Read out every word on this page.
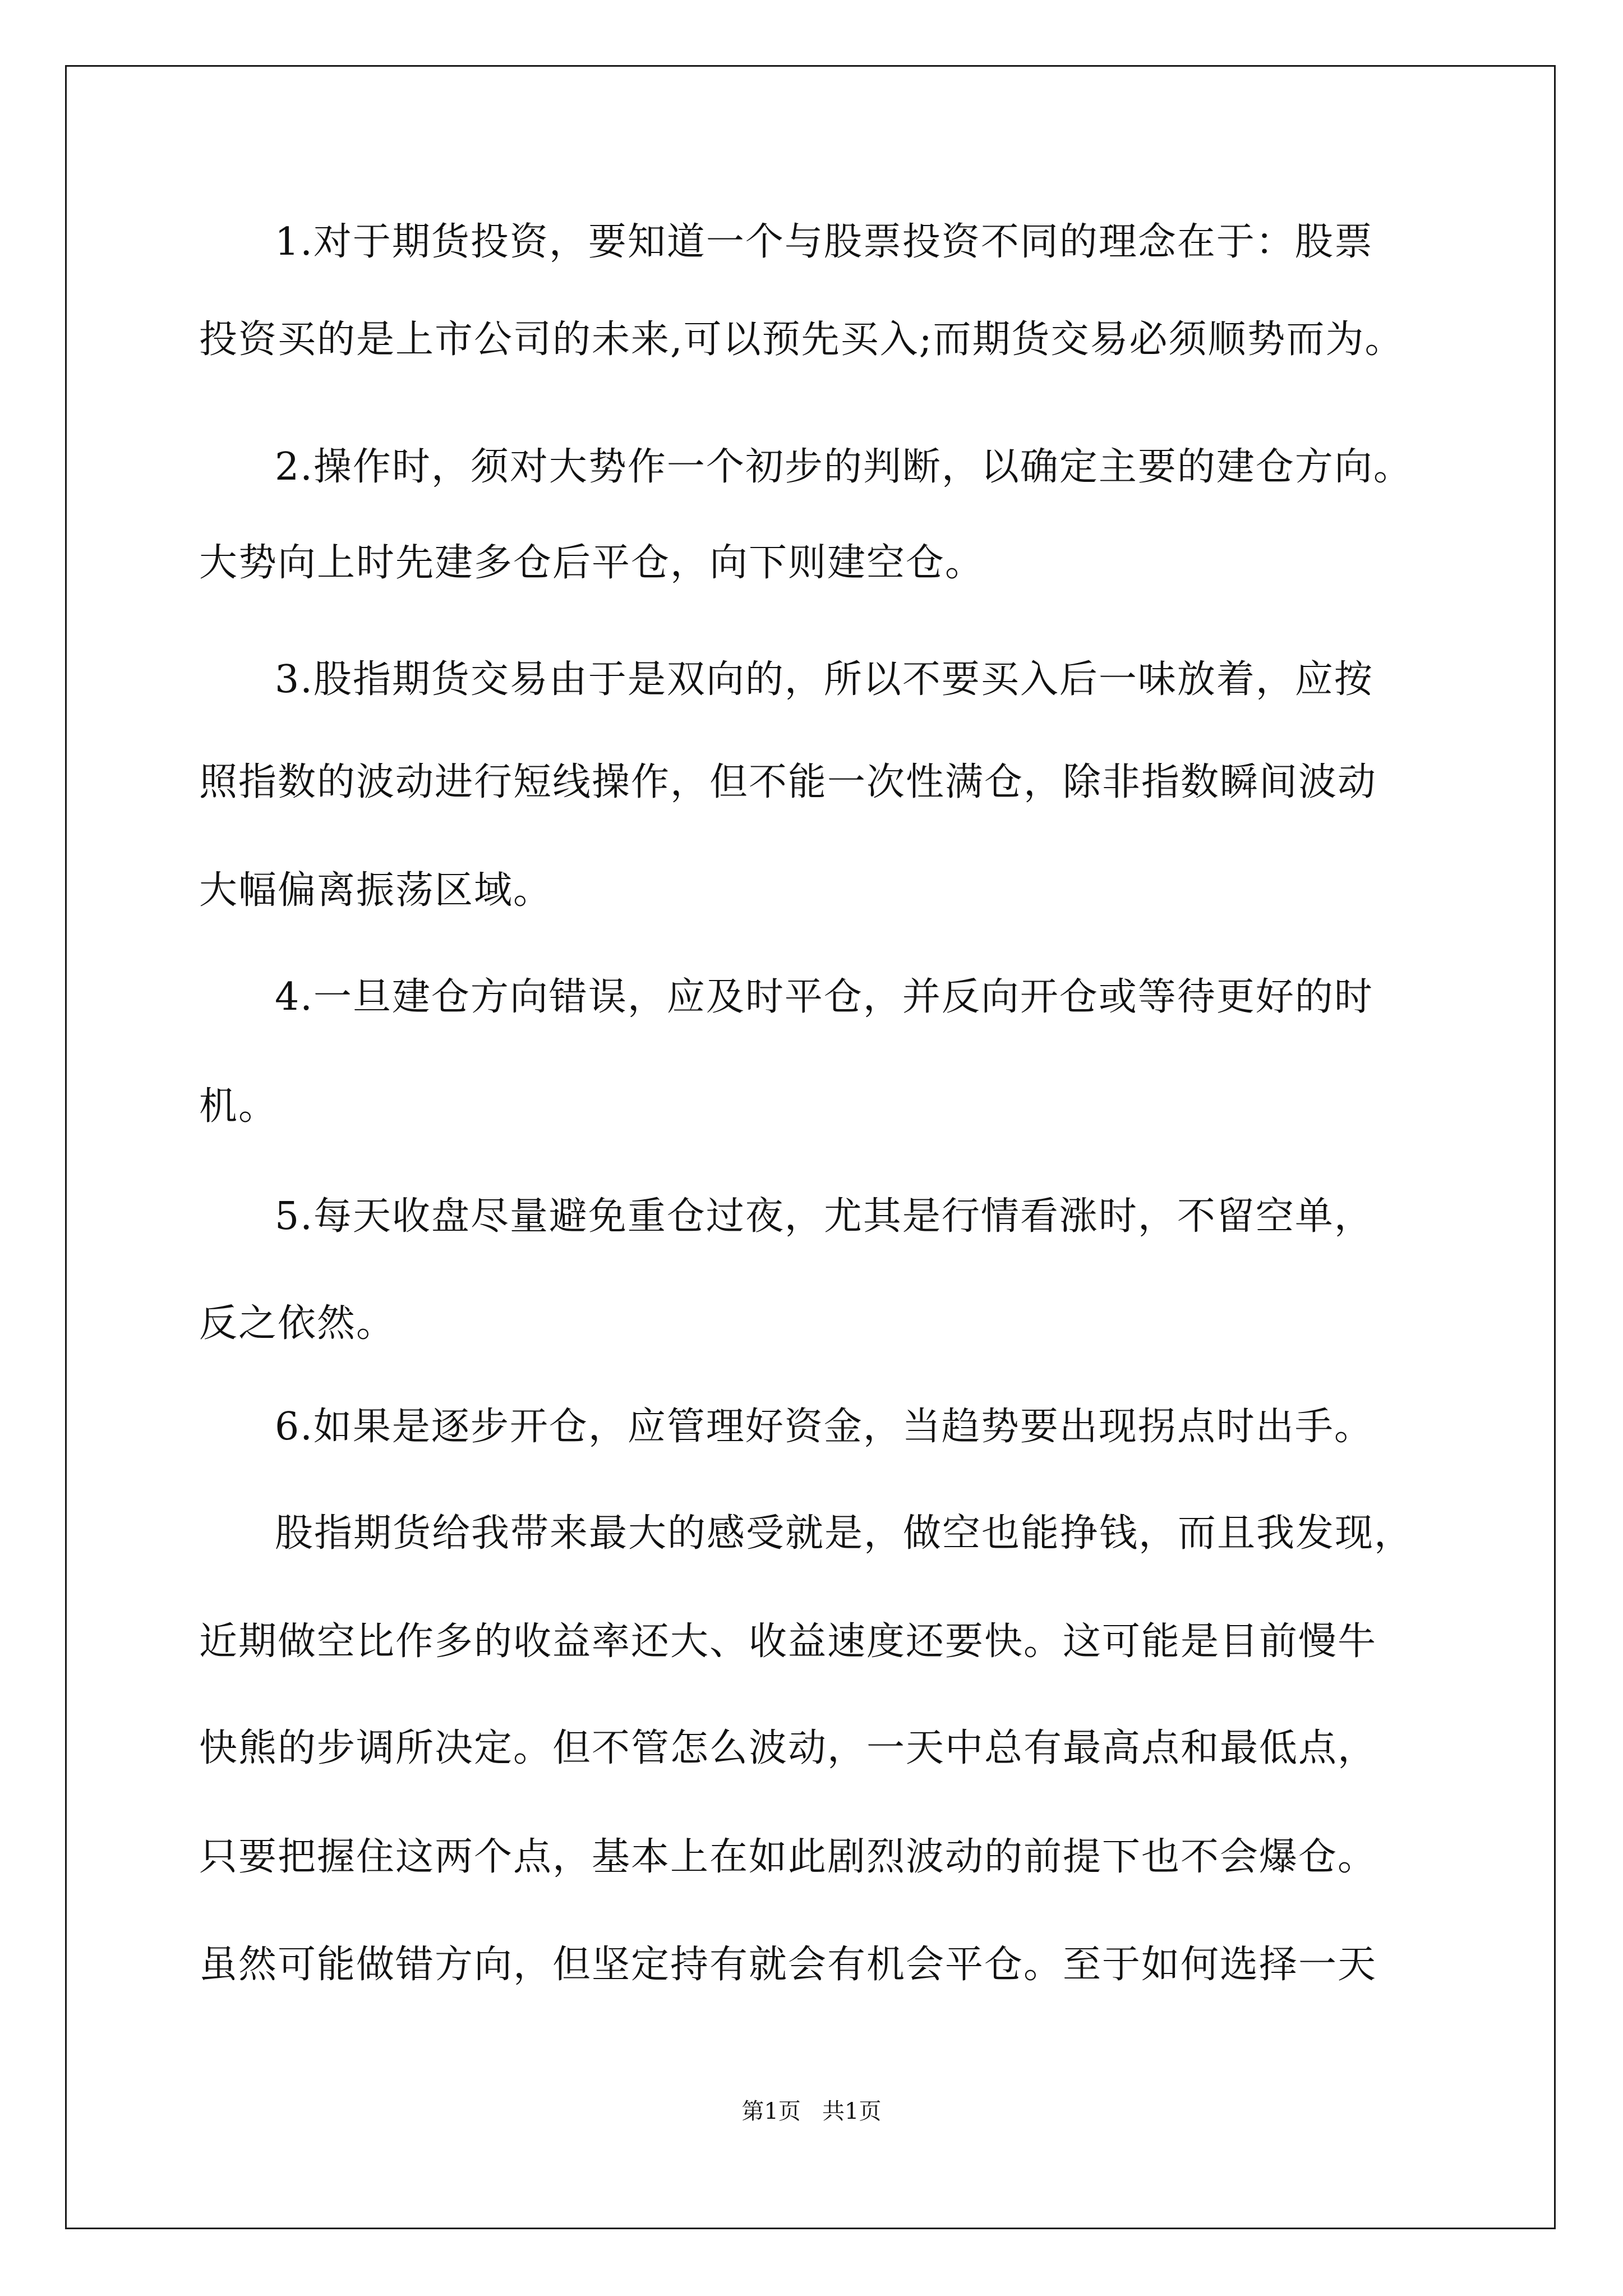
1.对于期货投资，要知道一个与股票投资不同的理念在于：股票
投资买的是上市公司的未来,可以预先买入;而期货交易必须顺势而为。
2.操作时，须对大势作一个初步的判断，以确定主要的建仓方向。
大势向上时先建多仓后平仓，向下则建空仓。
3.股指期货交易由于是双向的，所以不要买入后一味放着，应按
照指数的波动进行短线操作，但不能一次性满仓，除非指数瞬间波动
大幅偏离振荡区域。
4.一旦建仓方向错误，应及时平仓，并反向开仓或等待更好的时
机。
5.每天收盘尽量避免重仓过夜，尤其是行情看涨时，不留空单，
反之依然。
6.如果是逐步开仓，应管理好资金，当趋势要出现拐点时出手。
股指期货给我带来最大的感受就是，做空也能挣钱，而且我发现，
近期做空比作多的收益率还大、收益速度还要快。这可能是目前慢牛
快熊的步调所决定。但不管怎么波动，一天中总有最高点和最低点，
只要把握住这两个点，基本上在如此剧烈波动的前提下也不会爆仓。
虽然可能做错方向，但坚定持有就会有机会平仓。至于如何选择一天
第1页   共1页
